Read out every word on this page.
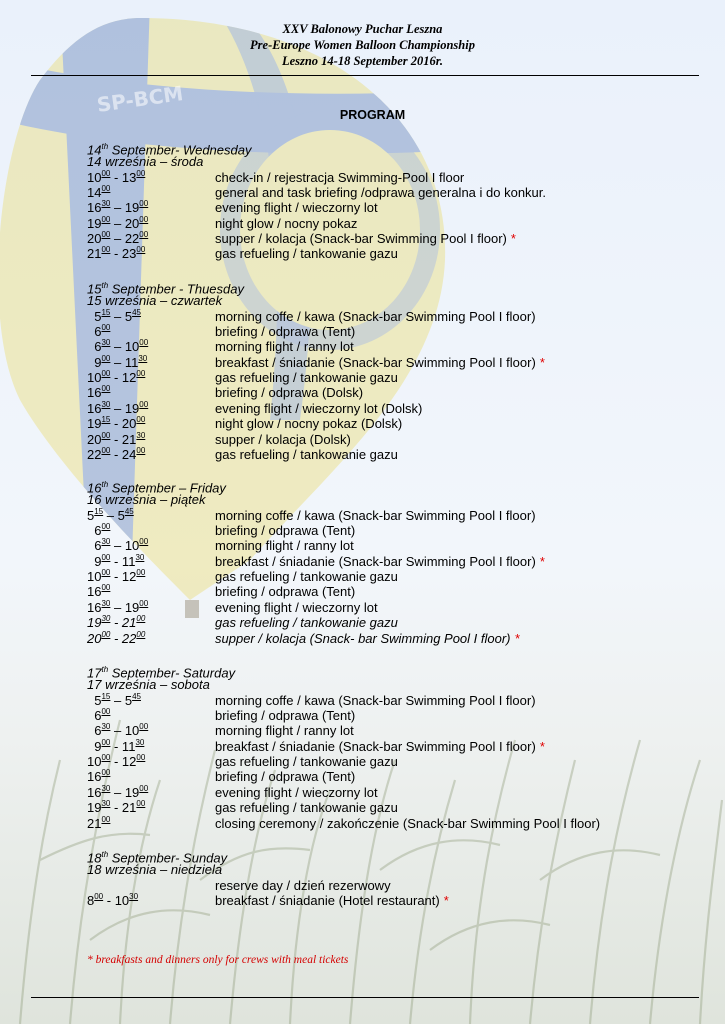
SP-BCM
XXV Balonowy Puchar Leszna
Pre-Europe Women Balloon Championship
Leszno 14-18 September 2016r.
PROGRAM
14th September- Wednesday
14 września – środa
$10^{00} - 13^{00}$	check-in / rejestracja Swimming-Pool I floor
$14^{00}$	general and task briefing /odprawa generalna i do konkur.
$16^{30} - 19^{00}$	evening flight / wieczorny lot
$19^{00} - 20^{00}$	night glow / nocny pokaz
$20^{00} - 22^{00}$	supper / kolacja (Snack-bar Swimming Pool I floor) *
$21^{00} - 23^{00}$	gas refueling / tankowanie gazu
15th September - Thuesday
15 września – czwartek
$5^{15} - 5^{45}$	morning coffe / kawa (Snack-bar Swimming Pool I floor)
$6^{00}$	briefing / odprawa (Tent)
$6^{30} - 10^{00}$	morning flight / ranny lot
$9^{00} - 11^{30}$	breakfast / śniadanie (Snack-bar Swimming Pool I floor) *
$10^{00} - 12^{00}$	gas refueling / tankowanie gazu
$16^{00}$	briefing / odprawa (Dolsk)
$16^{30} - 19^{00}$	evening flight / wieczorny lot (Dolsk)
$19^{15} - 20^{00}$	night glow / nocny pokaz (Dolsk)
$20^{00} - 21^{30}$	supper / kolacja (Dolsk)
$22^{00} - 24^{00}$	gas refueling / tankowanie gazu
16th September – Friday
16 września – piątek
$5^{15} - 5^{45}$	morning coffe / kawa (Snack-bar Swimming Pool I floor)
$6^{00}$	briefing / odprawa (Tent)
$6^{30} - 10^{00}$	morning flight / ranny lot
$9^{00} - 11^{30}$	breakfast / śniadanie (Snack-bar Swimming Pool I floor) *
$10^{00} - 12^{00}$	gas refueling / tankowanie gazu
$16^{00}$	briefing / odprawa (Tent)
$16^{30} - 19^{00}$	evening flight / wieczorny lot
$19^{30} - 21^{00}$	gas refueling / tankowanie gazu
$20^{00} - 22^{00}$	supper / kolacja (Snack- bar Swimming Pool I floor) *
17th September- Saturday
17 września – sobota
$5^{15} - 5^{45}$	morning coffe / kawa (Snack-bar Swimming Pool I floor)
$6^{00}$	briefing / odprawa (Tent)
$6^{30} - 10^{00}$	morning flight / ranny lot
$9^{00} - 11^{30}$	breakfast / śniadanie (Snack-bar Swimming Pool I floor) *
$10^{00} - 12^{00}$	gas refueling / tankowanie gazu
$16^{00}$	briefing / odprawa (Tent)
$16^{30} - 19^{00}$	evening flight / wieczorny lot
$19^{30} - 21^{00}$	gas refueling / tankowanie gazu
$21^{00}$	closing ceremony / zakończenie (Snack-bar Swimming Pool I floor)
18th September- Sunday
18 września – niedziela
reserve day / dzień rezerwowy
$8^{00} - 10^{30}$	breakfast / śniadanie (Hotel restaurant) *
* breakfasts and dinners only for crews with meal tickets
